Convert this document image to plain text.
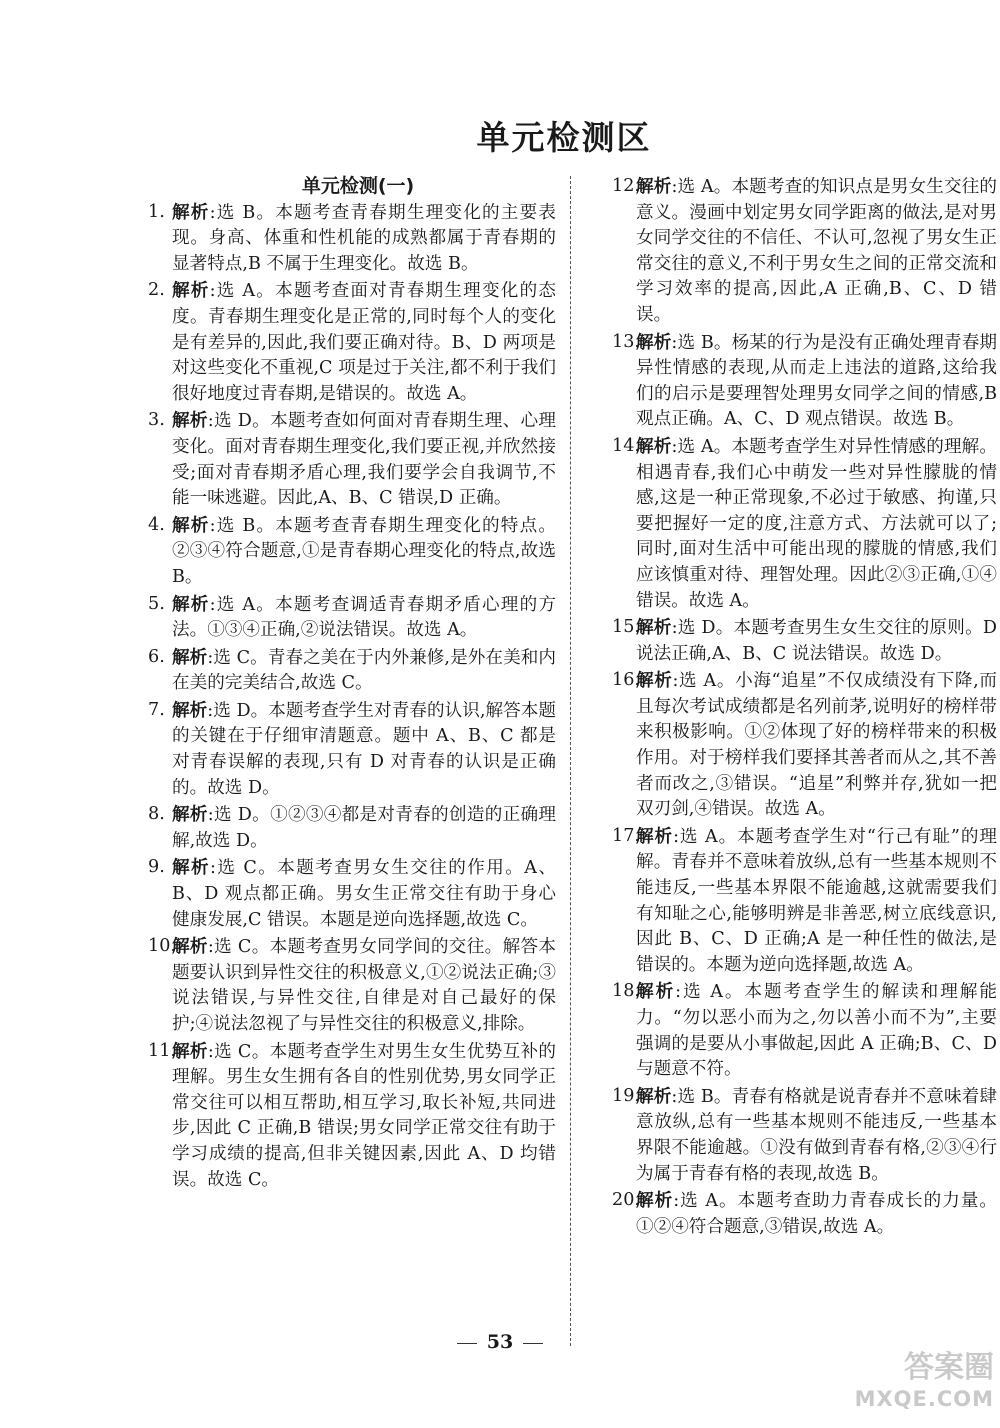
单元检测区
单元检测(一)
1. 解析:选 B。本题考查青春期生理变化的主要表现。身高、体重和性机能的成熟都属于青春期的显著特点,B 不属于生理变化。故选 B。
2. 解析:选 A。本题考查面对青春期生理变化的态度。青春期生理变化是正常的,同时每个人的变化是有差异的,因此,我们要正确对待。B、D 两项是对这些变化不重视,C 项是过于关注,都不利于我们很好地度过青春期,是错误的。故选 A。
3. 解析:选 D。本题考查如何面对青春期生理、心理变化。面对青春期生理变化,我们要正视,并欣然接受;面对青春期矛盾心理,我们要学会自我调节,不能一味逃避。因此,A、B、C 错误,D 正确。
4. 解析:选 B。本题考查青春期生理变化的特点。②③④符合题意,①是青春期心理变化的特点,故选 B。
5. 解析:选 A。本题考查调适青春期矛盾心理的方法。①③④正确,②说法错误。故选 A。
6. 解析:选 C。青春之美在于内外兼修,是外在美和内在美的完美结合,故选 C。
7. 解析:选 D。本题考查学生对青春的认识,解答本题的关键在于仔细审清题意。题中 A、B、C 都是对青春误解的表现,只有 D 对青春的认识是正确的。故选 D。
8. 解析:选 D。①②③④都是对青春的创造的正确理解,故选 D。
9. 解析:选 C。本题考查男女生交往的作用。A、B、D 观点都正确。男女生正常交往有助于身心健康发展,C 错误。本题是逆向选择题,故选 C。
10.
解析:选 C。本题考查男女同学间的交往。解答本题要认识到异性交往的积极意义,①②说法正确;③说法错误,与异性交往,自律是对自己最好的保护;④说法忽视了与异性交往的积极意义,排除。
11.
解析:选 C。本题考查学生对男生女生优势互补的理解。男生女生拥有各自的性别优势,男女同学正常交往可以相互帮助,相互学习,取长补短,共同进步,因此 C 正确,B 错误;男女同学正常交往有助于学习成绩的提高,但非关键因素,因此 A、D 均错误。故选 C。
12.
解析:选 A。本题考查的知识点是男女生交往的意义。漫画中划定男女同学距离的做法,是对男女同学交往的不信任、不认可,忽视了男女生正常交往的意义,不利于男女生之间的正常交流和学习效率的提高,因此,A 正确,B、C、D 错误。
13.
解析:选 B。杨某的行为是没有正确处理青春期异性情感的表现,从而走上违法的道路,这给我们的启示是要理智处理男女同学之间的情感,B 观点正确。A、C、D 观点错误。故选 B。
14.
解析:选 A。本题考查学生对异性情感的理解。相遇青春,我们心中萌发一些对异性朦胧的情感,这是一种正常现象,不必过于敏感、拘谨,只要把握好一定的度,注意方式、方法就可以了;同时,面对生活中可能出现的朦胧的情感,我们应该慎重对待、理智处理。因此②③正确,①④错误。故选 A。
15.
解析:选 D。本题考查男生女生交往的原则。D 说法正确,A、B、C 说法错误。故选 D。
16.
解析:选 A。小海“追星”不仅成绩没有下降,而且每次考试成绩都是名列前茅,说明好的榜样带来积极影响。①②体现了好的榜样带来的积极作用。对于榜样我们要择其善者而从之,其不善者而改之,③错误。“追星”利弊并存,犹如一把双刃剑,④错误。故选 A。
17.
解析:选 A。本题考查学生对“行己有耻”的理解。青春并不意味着放纵,总有一些基本规则不能违反,一些基本界限不能逾越,这就需要我们有知耻之心,能够明辨是非善恶,树立底线意识,因此 B、C、D 正确;A 是一种任性的做法,是错误的。本题为逆向选择题,故选 A。
18.
解析:选 A。本题考查学生的解读和理解能力。“勿以恶小而为之,勿以善小而不为”,主要强调的是要从小事做起,因此 A 正确;B、C、D 与题意不符。
19.
解析:选 B。青春有格就是说青春并不意味着肆意放纵,总有一些基本规则不能违反,一些基本界限不能逾越。①没有做到青春有格,②③④行为属于青春有格的表现,故选 B。
20.
解析:选 A。本题考查助力青春成长的力量。①②④符合题意,③错误,故选 A。
53
答案圈
MXQE.COM
